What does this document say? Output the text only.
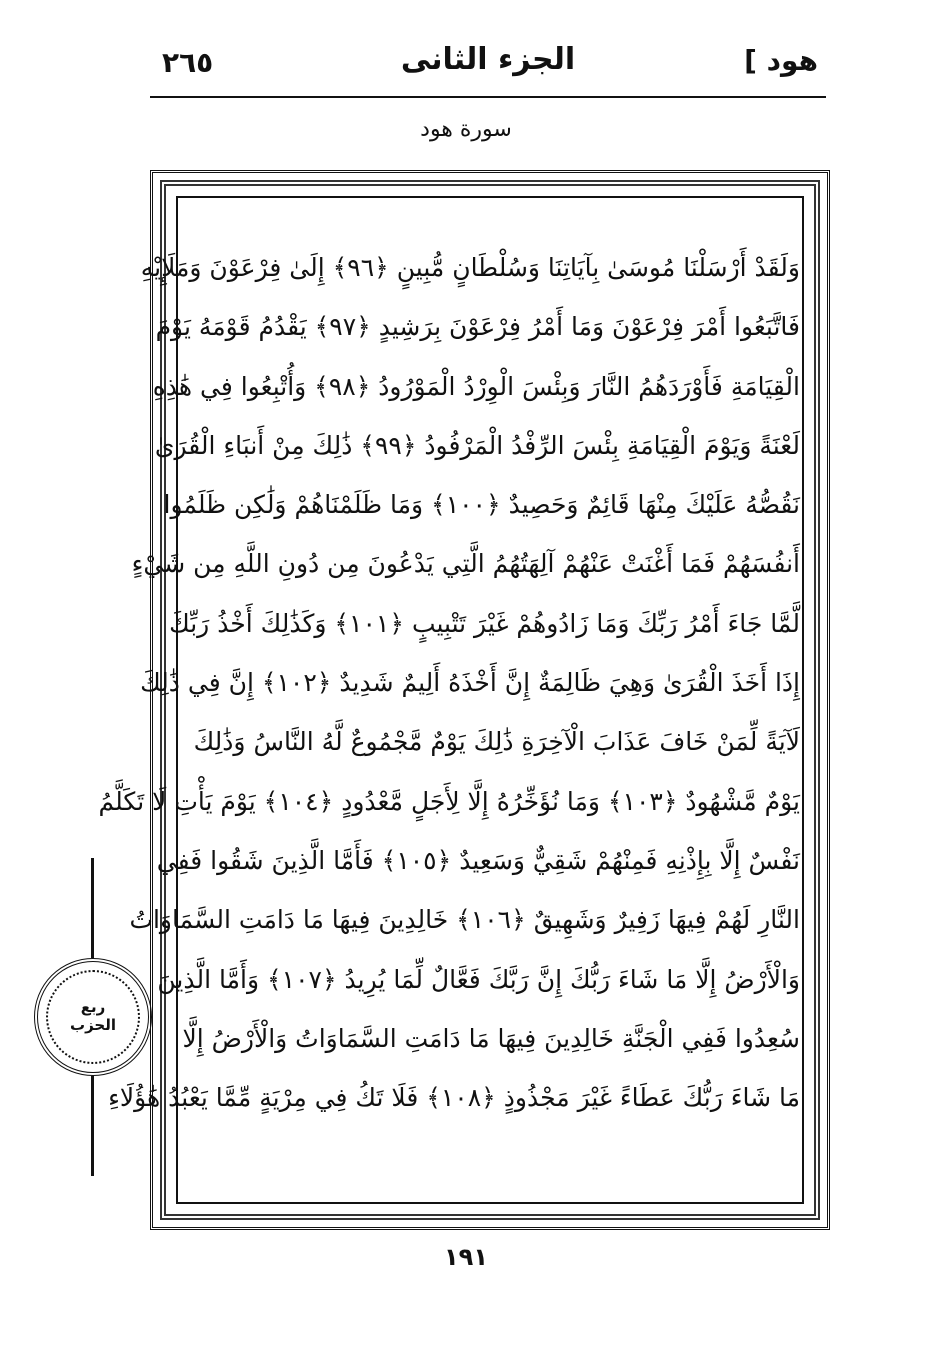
٢٦٥	الجزء الثانى	هود ]
سورة هود
وَلَقَدْ أَرْسَلْنَا مُوسَىٰ بِآيَاتِنَا وَسُلْطَانٍ مُّبِينٍ ﴿٩٦﴾ إِلَىٰ فِرْعَوْنَ وَمَلَإِيْهِ
فَاتَّبَعُوا أَمْرَ فِرْعَوْنَ وَمَا أَمْرُ فِرْعَوْنَ بِرَشِيدٍ ﴿٩٧﴾ يَقْدُمُ قَوْمَهُ يَوْمَ
الْقِيَامَةِ فَأَوْرَدَهُمُ النَّارَ وَبِئْسَ الْوِرْدُ الْمَوْرُودُ ﴿٩٨﴾ وَأُتْبِعُوا فِي هَٰذِهِ
لَعْنَةً وَيَوْمَ الْقِيَامَةِ بِئْسَ الرِّفْدُ الْمَرْفُودُ ﴿٩٩﴾ ذَٰلِكَ مِنْ أَنبَاءِ الْقُرَىٰ
نَقُصُّهُ عَلَيْكَ مِنْهَا قَائِمٌ وَحَصِيدٌ ﴿١٠٠﴾ وَمَا ظَلَمْنَاهُمْ وَلَٰكِن ظَلَمُوا
أَنفُسَهُمْ فَمَا أَغْنَتْ عَنْهُمْ آلِهَتُهُمُ الَّتِي يَدْعُونَ مِن دُونِ اللَّهِ مِن شَيْءٍ
لَّمَّا جَاءَ أَمْرُ رَبِّكَ وَمَا زَادُوهُمْ غَيْرَ تَتْبِيبٍ ﴿١٠١﴾ وَكَذَٰلِكَ أَخْذُ رَبِّكَ
إِذَا أَخَذَ الْقُرَىٰ وَهِيَ ظَالِمَةٌ إِنَّ أَخْذَهُ أَلِيمٌ شَدِيدٌ ﴿١٠٢﴾ إِنَّ فِي ذَٰلِكَ
لَآيَةً لِّمَنْ خَافَ عَذَابَ الْآخِرَةِ ذَٰلِكَ يَوْمٌ مَّجْمُوعٌ لَّهُ النَّاسُ وَذَٰلِكَ
يَوْمٌ مَّشْهُودٌ ﴿١٠٣﴾ وَمَا نُؤَخِّرُهُ إِلَّا لِأَجَلٍ مَّعْدُودٍ ﴿١٠٤﴾ يَوْمَ يَأْتِ لَا تَكَلَّمُ
نَفْسٌ إِلَّا بِإِذْنِهِ فَمِنْهُمْ شَقِيٌّ وَسَعِيدٌ ﴿١٠٥﴾ فَأَمَّا الَّذِينَ شَقُوا فَفِي
النَّارِ لَهُمْ فِيهَا زَفِيرٌ وَشَهِيقٌ ﴿١٠٦﴾ خَالِدِينَ فِيهَا مَا دَامَتِ السَّمَاوَاتُ
وَالْأَرْضُ إِلَّا مَا شَاءَ رَبُّكَ إِنَّ رَبَّكَ فَعَّالٌ لِّمَا يُرِيدُ ﴿١٠٧﴾ وَأَمَّا الَّذِينَ
سُعِدُوا فَفِي الْجَنَّةِ خَالِدِينَ فِيهَا مَا دَامَتِ السَّمَاوَاتُ وَالْأَرْضُ إِلَّا
مَا شَاءَ رَبُّكَ عَطَاءً غَيْرَ مَجْذُوذٍ ﴿١٠٨﴾ فَلَا تَكُ فِي مِرْيَةٍ مِّمَّا يَعْبُدُ هَٰؤُلَاءِ
ربع
الحزب
١٩١
